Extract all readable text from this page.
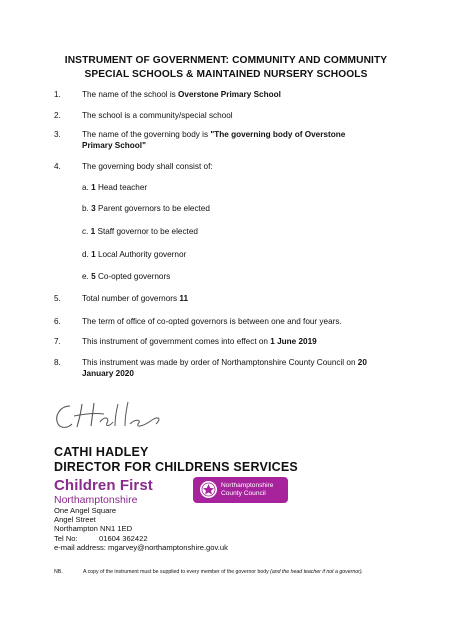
INSTRUMENT OF GOVERNMENT: COMMUNITY AND COMMUNITY
SPECIAL SCHOOLS & MAINTAINED NURSERY SCHOOLS
1.	The name of the school is Overstone Primary School
2.	The school is a community/special school
3.	The name of the governing body is "The governing body of Overstone Primary School"
4.	The governing body shall consist of:
a. 1 Head teacher
b. 3 Parent governors to be elected
c. 1 Staff governor to be elected
d. 1 Local Authority governor
e. 5 Co-opted governors
5.	Total number of governors 11
6.	The term of office of co-opted governors is between one and four years.
7.	This instrument of government comes into effect on 1 June 2019
8.	This instrument was made by order of Northamptonshire County Council on 20 January 2020
C Hadley
CATHI HADLEY
DIRECTOR FOR CHILDRENS SERVICES
Children First
Northamptonshire
Northamptonshire
County Council
One Angel Square
Angel Street
Northampton NN1 1ED
Tel No:	01604 362422
e-mail address: mgarvey@northamptonshire.gov.uk
NB.	A copy of the instrument must be supplied to every member of the governor body (and the head teacher if not a governor).
